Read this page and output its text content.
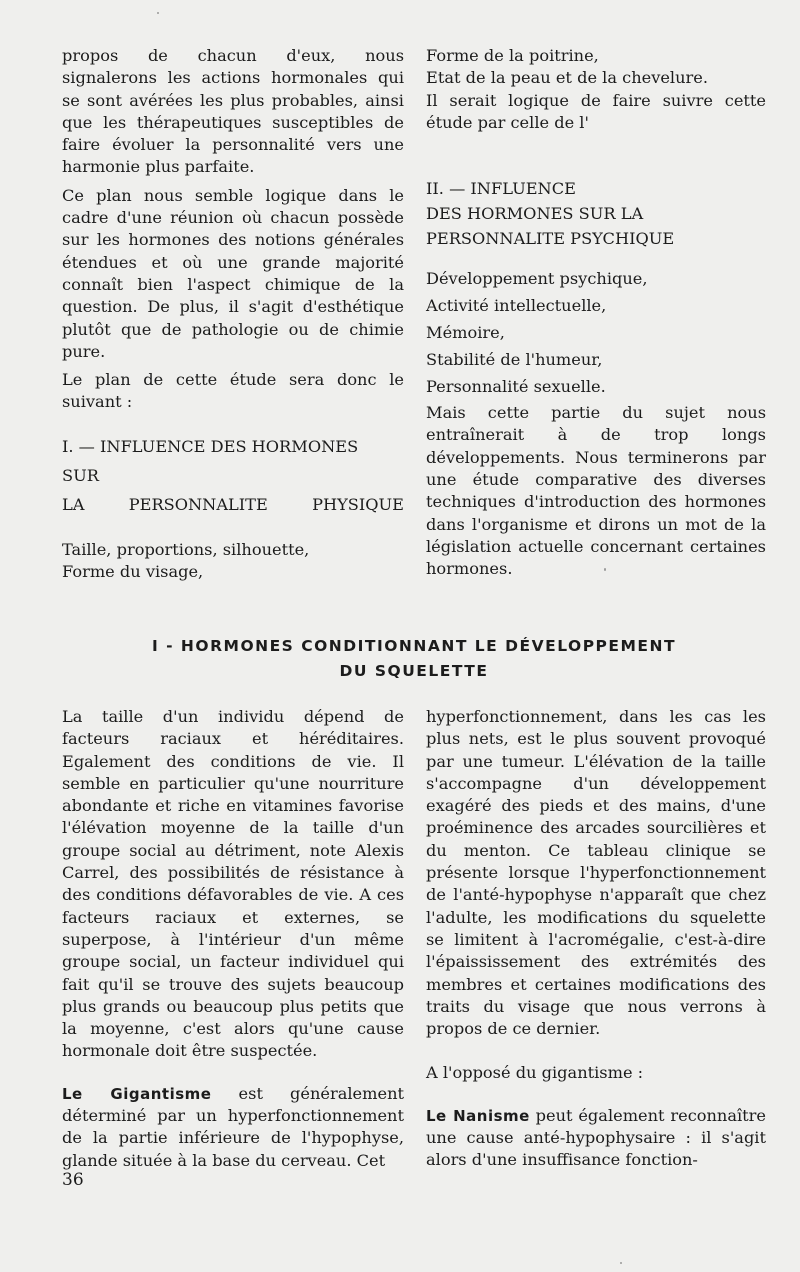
propos de chacun d'eux, nous signalerons les actions hormonales qui se sont avérées les plus probables, ainsi que les thérapeutiques susceptibles de faire évoluer la personnalité vers une harmonie plus parfaite.

Ce plan nous semble logique dans le cadre d'une réunion où chacun possède sur les hormones des notions générales étendues et où une grande majorité connaît bien l'aspect chimique de la question. De plus, il s'agit d'esthétique plutôt que de pathologie ou de chimie pure.

Le plan de cette étude sera donc le suivant :

I. — INFLUENCE DES HORMONES

SUR

LA	PERSONNALITE	PHYSIQUE

Taille, proportions, silhouette,

Forme du visage,

Forme de la poitrine,

Etat de la peau et de la chevelure.

Il serait logique de faire suivre cette étude par celle de l'

II. — INFLUENCE

DES HORMONES SUR LA

PERSONNALITE PSYCHIQUE

Développement psychique,

Activité intellectuelle,

Mémoire,

Stabilité de l'humeur,

Personnalité sexuelle.

Mais cette partie du sujet nous entraînerait à de trop longs développements. Nous terminerons par une étude comparative des diverses techniques d'introduction des hormones dans l'organisme et dirons un mot de la législation actuelle concernant certaines hormones.

I - HORMONES CONDITIONNANT LE DÉVELOPPEMENT
DU SQUELETTE

La taille d'un individu dépend de facteurs raciaux et héréditaires. Egalement des conditions de vie. Il semble en particulier qu'une nourriture abondante et riche en vitamines favorise l'élévation moyenne de la taille d'un groupe social au détriment, note Alexis Carrel, des possibilités de résistance à des conditions défavorables de vie. A ces facteurs raciaux et externes, se superpose, à l'intérieur d'un même groupe social, un facteur individuel qui fait qu'il se trouve des sujets beaucoup plus grands ou beaucoup plus petits que la moyenne, c'est alors qu'une cause hormonale doit être suspectée.

Le Gigantisme est généralement déterminé par un hyperfonctionnement de la partie inférieure de l'hypophyse, glande située à la base du cerveau. Cet

hyperfonctionnement, dans les cas les plus nets, est le plus souvent provoqué par une tumeur. L'élévation de la taille s'accompagne d'un développement exagéré des pieds et des mains, d'une proéminence des arcades sourcilières et du menton. Ce tableau clinique se présente lorsque l'hyperfonctionnement de l'anté-hypophyse n'apparaît que chez l'adulte, les modifications du squelette se limitent à l'acromégalie, c'est-à-dire l'épaississement des extrémités des membres et certaines modifications des traits du visage que nous verrons à propos de ce dernier.

A l'opposé du gigantisme :

Le Nanisme peut également reconnaître une cause anté-hypophysaire : il s'agit alors d'une insuffisance fonction-

36
